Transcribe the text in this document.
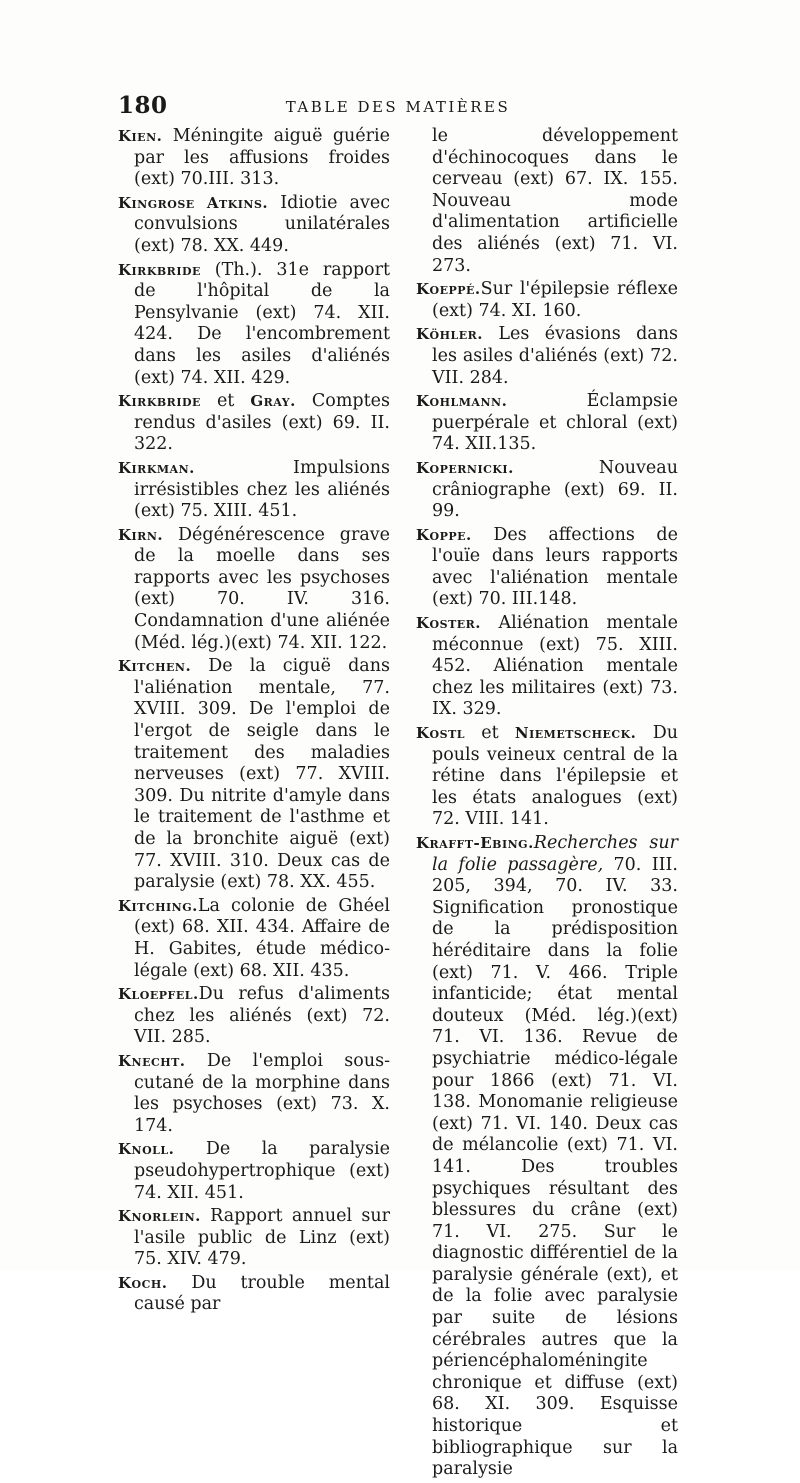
180	TABLE DES MATIÈRES

Kien. Méningite aiguë guérie par les affusions froides (ext) 70.III. 313.

Kingrose Atkins. Idiotie avec convulsions unilatérales (ext) 78. XX. 449.

Kirkbride (Th.). 31e rapport de l'hôpital de la Pensylvanie (ext) 74. XII. 424. De l'encombrement dans les asiles d'aliénés (ext) 74. XII. 429.

Kirkbride et Gray. Comptes rendus d'asiles (ext) 69. II. 322.

Kirkman. Impulsions irrésistibles chez les aliénés (ext) 75. XIII. 451.

Kirn. Dégénérescence grave de la moelle dans ses rapports avec les psychoses (ext) 70. IV. 316. Condamnation d'une aliénée (Méd. lég.)(ext) 74. XII. 122.

Kitchen. De la ciguë dans l'aliénation mentale, 77. XVIII. 309. De l'emploi de l'ergot de seigle dans le traitement des maladies nerveuses (ext) 77. XVIII. 309. Du nitrite d'amyle dans le traitement de l'asthme et de la bronchite aiguë (ext) 77. XVIII. 310. Deux cas de paralysie (ext) 78. XX. 455.

Kitching.La colonie de Ghéel (ext) 68. XII. 434. Affaire de H. Gabites, étude médico-légale (ext) 68. XII. 435.

Kloepfel.Du refus d'aliments chez les aliénés (ext) 72. VII. 285.

Knecht. De l'emploi sous-cutané de la morphine dans les psychoses (ext) 73. X. 174.

Knoll. De la paralysie pseudohypertrophique (ext) 74. XII. 451.

Knorlein. Rapport annuel sur l'asile public de Linz (ext) 75. XIV. 479.

Koch. Du trouble mental causé par

le développement d'échinocoques dans le cerveau (ext) 67. IX. 155. Nouveau mode d'alimentation artificielle des aliénés (ext) 71. VI. 273.

Koeppé.Sur l'épilepsie réflexe (ext) 74. XI. 160.

Köhler. Les évasions dans les asiles d'aliénés (ext) 72. VII. 284.

Kohlmann. Éclampsie puerpérale et chloral (ext) 74. XII.135.

Kopernicki. Nouveau crâniographe (ext) 69. II. 99.

Koppe. Des affections de l'ouïe dans leurs rapports avec l'aliénation mentale (ext) 70. III.148.

Koster. Aliénation mentale méconnue (ext) 75. XIII. 452. Aliénation mentale chez les militaires (ext) 73. IX. 329.

Kostl et Niemetscheck. Du pouls veineux central de la rétine dans l'épilepsie et les états analogues (ext) 72. VIII. 141.

Krafft-Ebing.Recherches sur la folie passagère, 70. III. 205, 394, 70. IV. 33. Signification pronostique de la prédisposition héréditaire dans la folie (ext) 71. V. 466. Triple infanticide; état mental douteux (Méd. lég.)(ext) 71. VI. 136. Revue de psychiatrie médico-légale pour 1866 (ext) 71. VI. 138. Monomanie religieuse (ext) 71. VI. 140. Deux cas de mélancolie (ext) 71. VI. 141. Des troubles psychiques résultant des blessures du crâne (ext) 71. VI. 275. Sur le diagnostic différentiel de la paralysie générale (ext), et de la folie avec paralysie par suite de lésions cérébrales autres que la périencéphaloméningite chronique et diffuse (ext) 68. XI. 309. Esquisse historique et bibliographique sur la paralysie
